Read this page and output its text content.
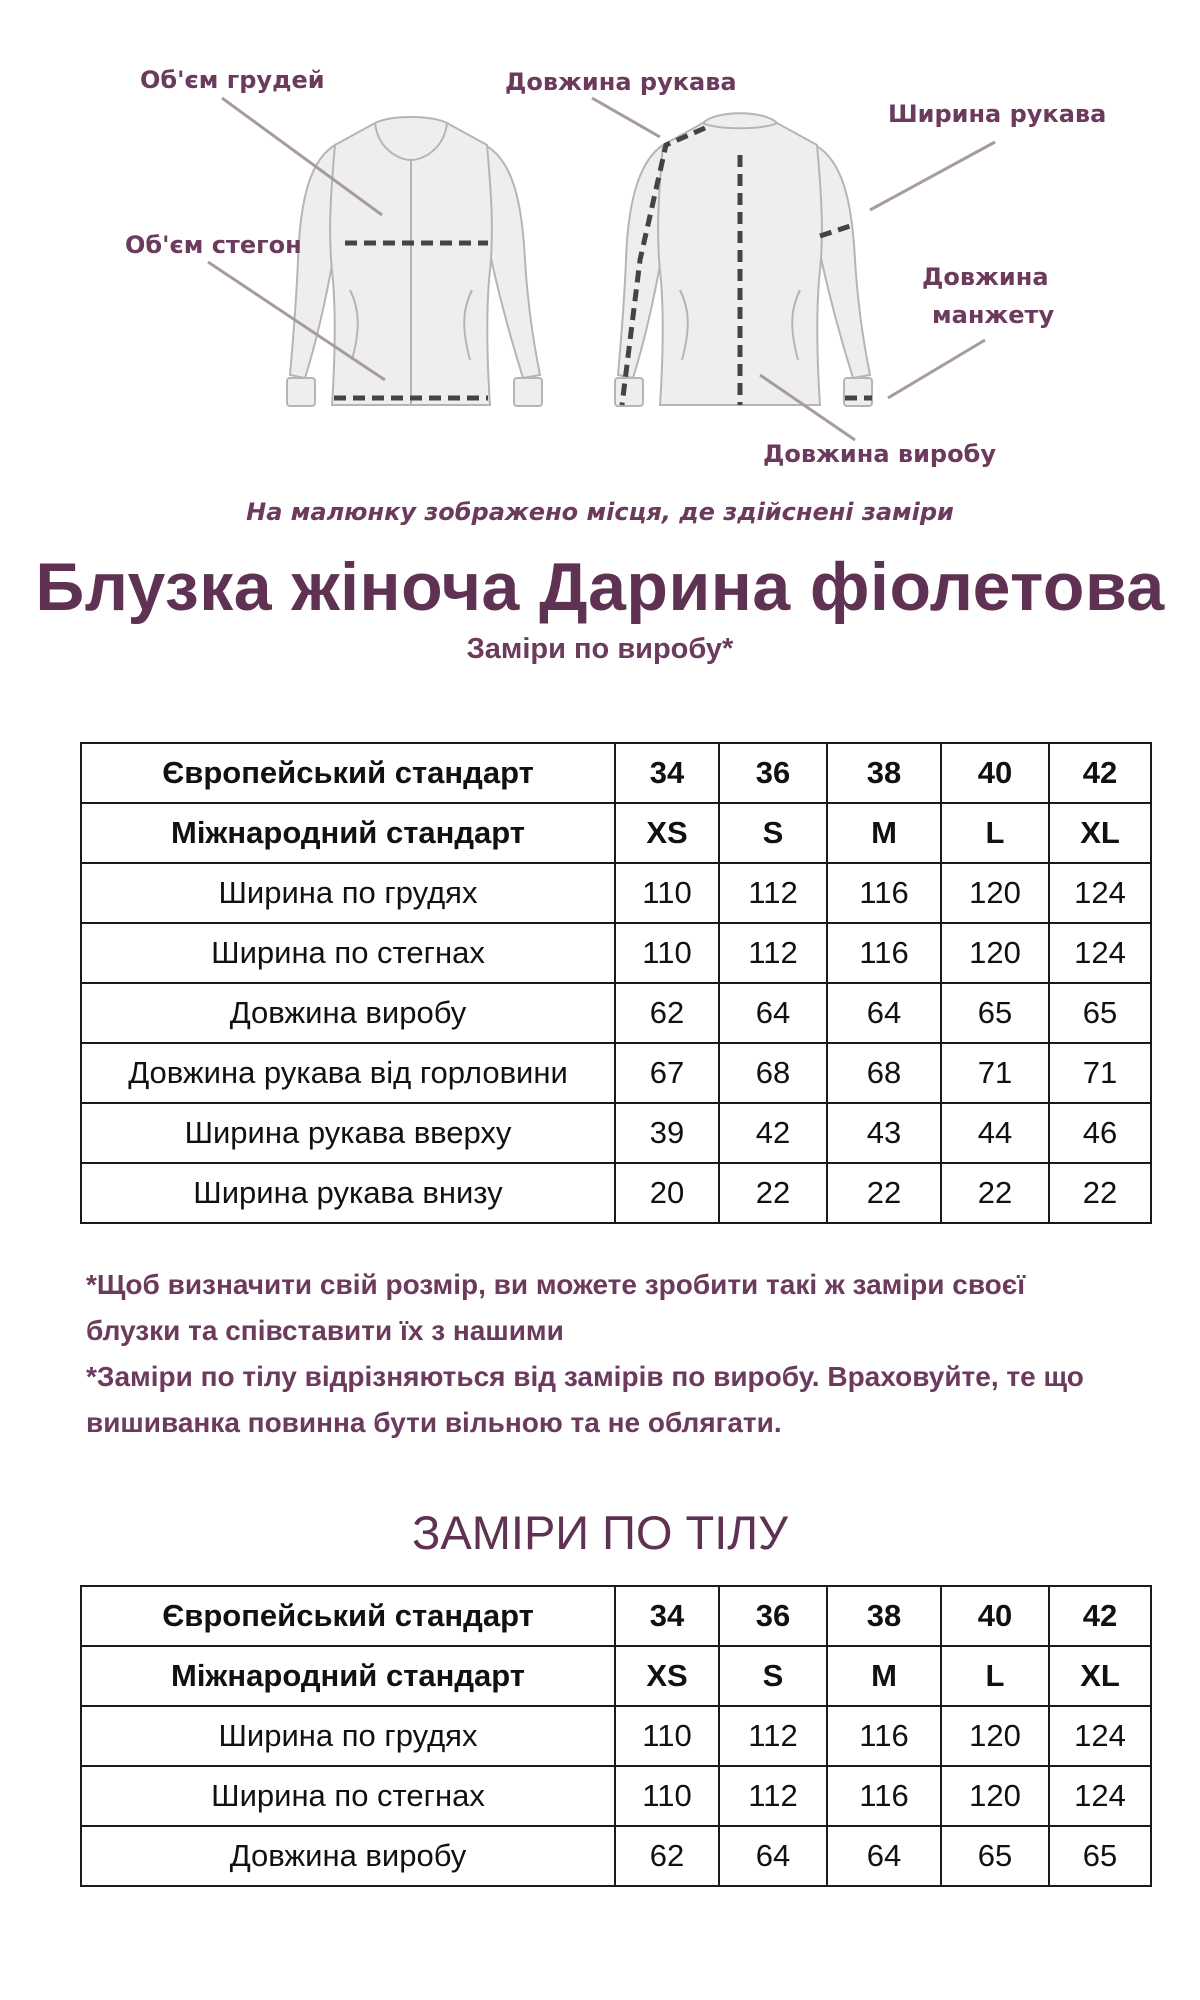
Об'єм грудей
Об'єм стегон
Довжина рукава
Ширина рукава
Довжина
манжету
Довжина виробу
На малюнку зображено місця, де здійснені заміри
Блузка жіноча Дарина фіолетова
Заміри по виробу*
Європейський стандарт	34	36	38	40	42
Міжнародний стандарт	XS	S	M	L	XL
Ширина по грудях	110	112	116	120	124
Ширина по стегнах	110	112	116	120	124
Довжина виробу	62	64	64	65	65
Довжина рукава від горловини	67	68	68	71	71
Ширина рукава вверху	39	42	43	44	46
Ширина рукава внизу	20	22	22	22	22
*Щоб визначити свій розмір, ви можете зробити такі ж заміри своєї
блузки та співставити їх з нашими
*Заміри по тілу відрізняються від замірів по виробу. Враховуйте, те що
вишиванка повинна бути вільною та не облягати.
ЗАМІРИ ПО ТІЛУ
Європейський стандарт	34	36	38	40	42
Міжнародний стандарт	XS	S	M	L	XL
Ширина по грудях	110	112	116	120	124
Ширина по стегнах	110	112	116	120	124
Довжина виробу	62	64	64	65	65
